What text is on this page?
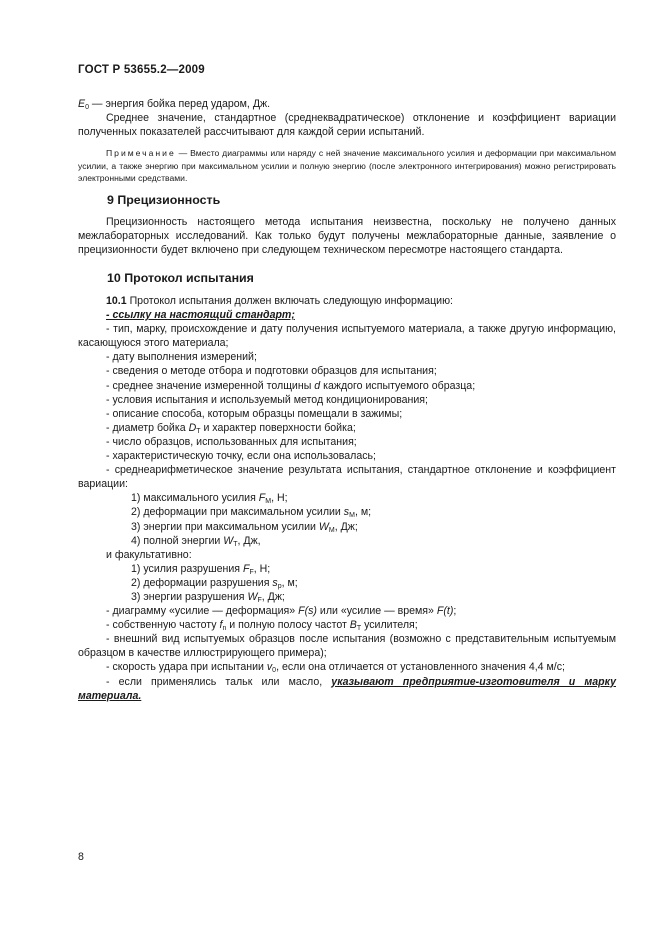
ГОСТ Р 53655.2—2009

$E_0$ — энергия бойка перед ударом, Дж.

Среднее значение, стандартное (среднеквадратическое) отклонение и коэффициент вариации полученных показателей рассчитывают для каждой серии испытаний.

Примечание — Вместо диаграммы или наряду с ней значение максимального усилия и деформации при максимальном усилии, а также энергию при максимальном усилии и полную энергию (после электронного интегрирования) можно регистрировать электронными средствами.

9 Прецизионность

Прецизионность настоящего метода испытания неизвестна, поскольку не получено данных межлабораторных исследований. Как только будут получены межлабораторные данные, заявление о прецизионности будет включено при следующем техническом пересмотре настоящего стандарта.

10 Протокол испытания

10.1 Протокол испытания должен включать следующую информацию:

- ссылку на настоящий стандарт;

- тип, марку, происхождение и дату получения испытуемого материала, а также другую информацию, касающуюся этого материала;

- дату выполнения измерений;

- сведения о методе отбора и подготовки образцов для испытания;

- среднее значение измеренной толщины d каждого испытуемого образца;

- условия испытания и используемый метод кондиционирования;

- описание способа, которым образцы помещали в зажимы;

- диаметр бойка $D_T$ и характер поверхности бойка;

- число образцов, использованных для испытания;

- характеристическую точку, если она использовалась;

- среднеарифметическое значение результата испытания, стандартное отклонение и коэффициент вариации:

1) максимального усилия $F_M$, Н;

2) деформации при максимальном усилии $s_M$, м;

3) энергии при максимальном усилии $W_M$, Дж;

4) полной энергии $W_T$, Дж,

и факультативно:

1) усилия разрушения $F_F$, Н;

2) деформации разрушения $s_p$, м;

3) энергии разрушения $W_F$, Дж;

- диаграмму «усилие — деформация» F(s) или «усилие — время» F(t);

- собственную частоту $f_n$ и полную полосу частот $B_T$ усилителя;

- внешний вид испытуемых образцов после испытания (возможно с представительным испытуемым образцом в качестве иллюстрирующего примера);

- скорость удара при испытании $v_0$, если она отличается от установленного значения 4,4 м/с;

- если применялись тальк или масло, указывают предприятие-изготовителя и марку материала.

8
